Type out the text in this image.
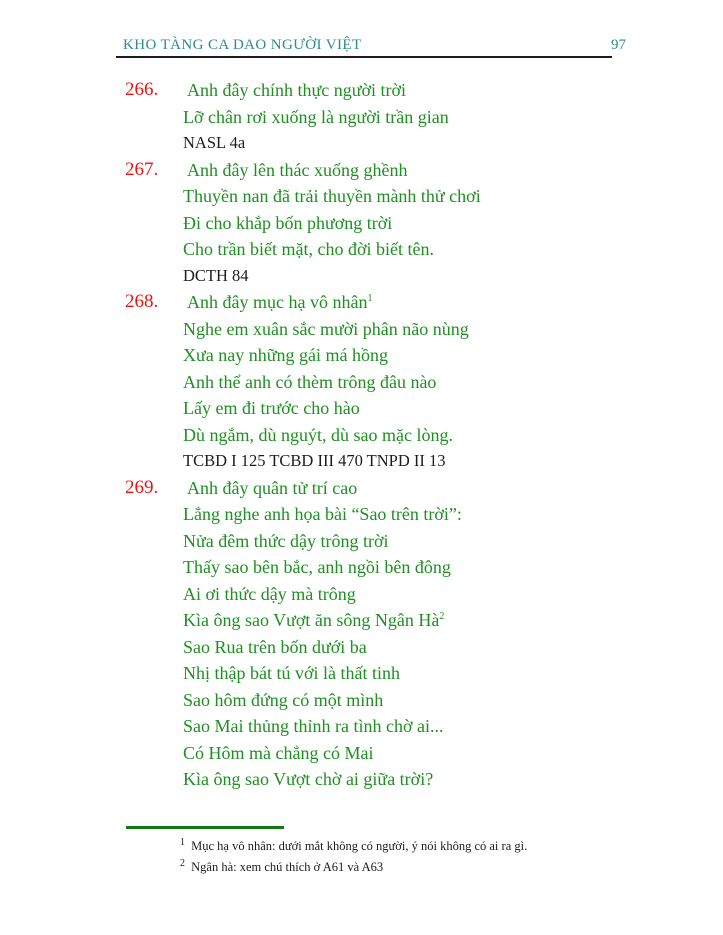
KHO TÀNG CA DAO NGƯỜI VIỆT	97
266.	Anh đây chính thực người trời
Lỡ chân rơi xuống là người trần gian
NASL 4a
267.	Anh đây lên thác xuống ghềnh
Thuyền nan đã trải thuyền mành thử chơi
Đi cho khắp bốn phương trời
Cho trần biết mặt, cho đời biết tên.
DCTH 84
268.	Anh đây mục hạ vô nhân$^1$
Nghe em xuân sắc mười phân não nùng
Xưa nay những gái má hồng
Anh thể anh có thèm trông đâu nào
Lấy em đi trước cho hào
Dù ngắm, dù nguýt, dù sao mặc lòng.
TCBD I 125 TCBD III 470 TNPD II 13
269.	Anh đây quân tử trí cao
Lắng nghe anh họa bài “Sao trên trời”:
Nửa đêm thức dậy trông trời
Thấy sao bên bắc, anh ngồi bên đông
Ai ơi thức dậy mà trông
Kìa ông sao Vượt ăn sông Ngân $Hà^2$
Sao Rua trên bốn dưới ba
Nhị thập bát tú với là thất tinh
Sao hôm đứng có một mình
Sao Mai thủng thỉnh ra tình chờ ai...
Có Hôm mà chẳng có Mai
Kìa ông sao Vượt chờ ai giữa trời?
$^1$ Mục hạ vô nhân: dưới mắt không có người, ý nói không có ai ra gì.
$^2$ Ngân hà: xem chú thích ở A61 và A63
